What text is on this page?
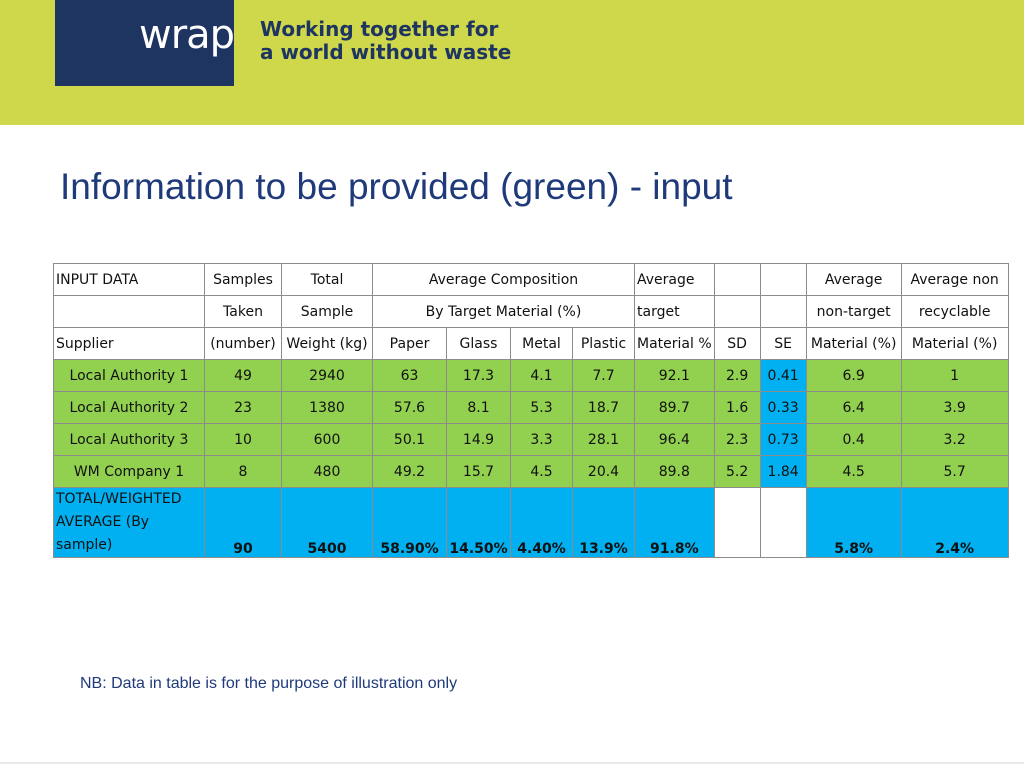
wrap Working together for
a world without waste
Information to be provided (green) - input
INPUT DATA	Samples	Total	Average Composition				Average			Average	Average non
	Taken	Sample	By Target Material (%)				target			non-target	recyclable
Supplier	(number)	Weight (kg)	Paper	Glass	Metal	Plastic	Material %	SD	SE	Material (%)	Material (%)
Local Authority 1	49	2940	63	17.3	4.1	7.7	92.1	2.9	0.41	6.9	1
Local Authority 2	23	1380	57.6	8.1	5.3	18.7	89.7	1.6	0.33	6.4	3.9
Local Authority 3	10	600	50.1	14.9	3.3	28.1	96.4	2.3	0.73	0.4	3.2
WM Company 1	8	480	49.2	15.7	4.5	20.4	89.8	5.2	1.84	4.5	5.7
TOTAL/WEIGHTED AVERAGE (By sample)	90	5400	58.90%	14.50%	4.40%	13.9%	91.8%			5.8%	2.4%
NB: Data in table is for the purpose of illustration only
